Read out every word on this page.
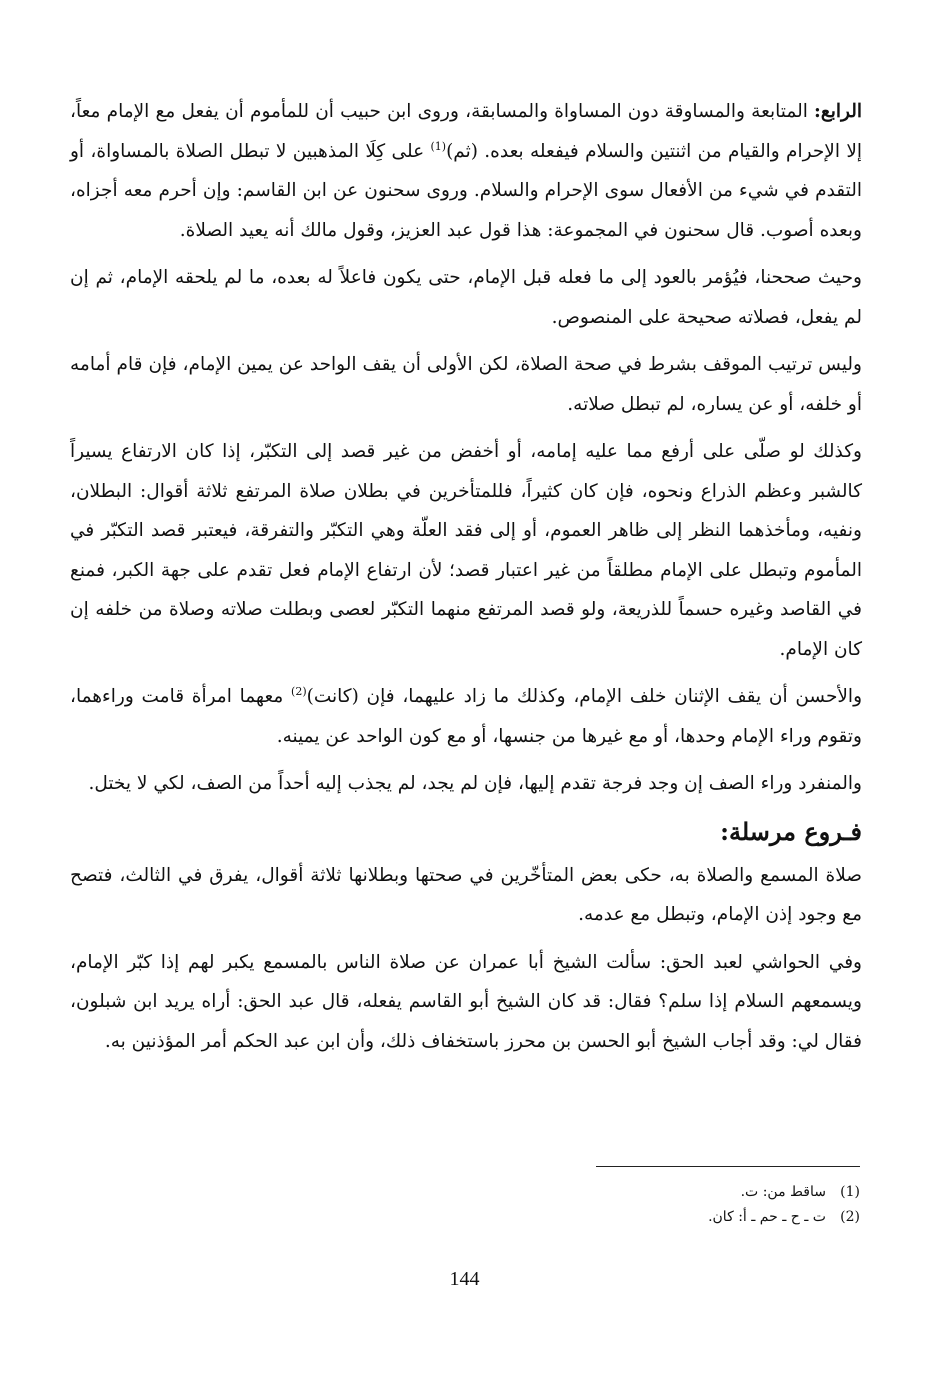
الرابع: المتابعة والمساوقة دون المساواة والمسابقة، وروى ابن حبيب أن للمأموم أن يفعل مع الإمام معاً، إلا الإحرام والقيام من اثنتين والسلام فيفعله بعده. (ثم)$^{(1)}$ على كِلَا المذهبين لا تبطل الصلاة بالمساواة، أو التقدم في شيء من الأفعال سوى الإحرام والسلام. وروى سحنون عن ابن القاسم: وإن أحرم معه أجزاه، وبعده أصوب. قال سحنون في المجموعة: هذا قول عبد العزيز، وقول مالك أنه يعيد الصلاة.

وحيث صححنا، فيُؤمر بالعود إلى ما فعله قبل الإمام، حتى يكون فاعلاً له بعده، ما لم يلحقه الإمام، ثم إن لم يفعل، فصلاته صحيحة على المنصوص.

وليس ترتيب الموقف بشرط في صحة الصلاة، لكن الأولى أن يقف الواحد عن يمين الإمام، فإن قام أمامه أو خلفه، أو عن يساره، لم تبطل صلاته.

وكذلك لو صلّى على أرفع مما عليه إمامه، أو أخفض من غير قصد إلى التكبّر، إذا كان الارتفاع يسيراً كالشبر وعظم الذراع ونحوه، فإن كان كثيراً، فللمتأخرين في بطلان صلاة المرتفع ثلاثة أقوال: البطلان، ونفيه، ومأخذهما النظر إلى ظاهر العموم، أو إلى فقد العلّة وهي التكبّر والتفرقة، فيعتبر قصد التكبّر في المأموم وتبطل على الإمام مطلقاً من غير اعتبار قصد؛ لأن ارتفاع الإمام فعل تقدم على جهة الكبر، فمنع في القاصد وغيره حسماً للذريعة، ولو قصد المرتفع منهما التكبّر لعصى وبطلت صلاته وصلاة من خلفه إن كان الإمام.

والأحسن أن يقف الإثنان خلف الإمام، وكذلك ما زاد عليهما، فإن (كانت)$^{(2)}$ معهما امرأة قامت وراءهما، وتقوم وراء الإمام وحدها، أو مع غيرها من جنسها، أو مع كون الواحد عن يمينه.

والمنفرد وراء الصف إن وجد فرجة تقدم إليها، فإن لم يجد، لم يجذب إليه أحداً من الصف، لكي لا يختل.

فـروع مرسلة:

صلاة المسمع والصلاة به، حكى بعض المتأخّرين في صحتها وبطلانها ثلاثة أقوال، يفرق في الثالث، فتصح مع وجود إذن الإمام، وتبطل مع عدمه.

وفي الحواشي لعبد الحق: سألت الشيخ أبا عمران عن صلاة الناس بالمسمع يكبر لهم إذا كبّر الإمام، ويسمعهم السلام إذا سلم؟ فقال: قد كان الشيخ أبو القاسم يفعله، قال عبد الحق: أراه يريد ابن شبلون، فقال لي: وقد أجاب الشيخ أبو الحسن بن محرز باستخفاف ذلك، وأن ابن عبد الحكم أمر المؤذنين به.

(1)ساقط من: ت.
(2)ت ـ ح ـ حم ـ أ: كان.
144
